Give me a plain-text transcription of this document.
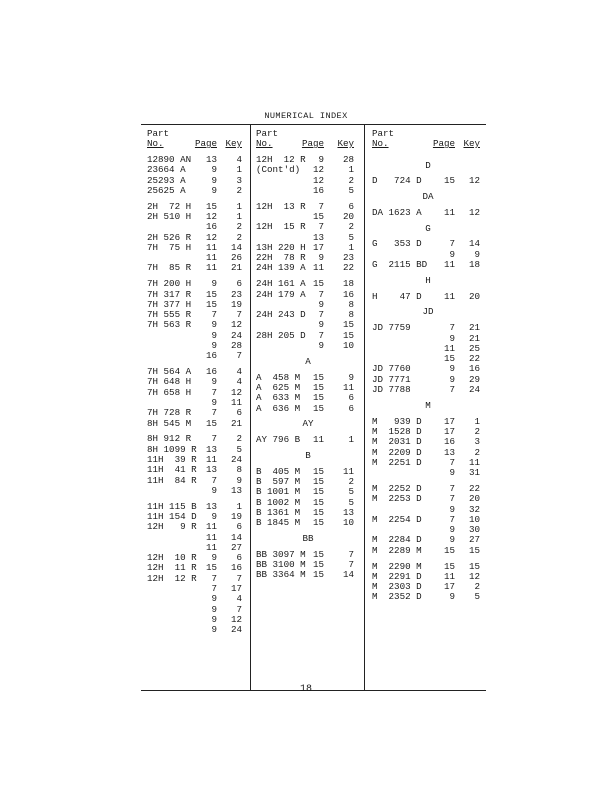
NUMERICAL INDEX
Part
No.	Page Key
12890 AN 13 4
23664 A	9 1
25293 A	9 3
25625 A	9 2
2H  72 H 15 1
2H 510 H 12 1
16 2
2H 526 R 12 2
7H  75 H 11 14
11 26
7H  85 R 11 21
7H 200 H 9 6
7H 317 R 15 23
7H 377 H 15 19
7H 555 R 7 7
7H 563 R 9 12
9 24
9 28
16 7
7H 564 A 16 4
7H 648 H 9 4
7H 658 H 7 12
9 11
7H 728 R 7 6
8H 545 M 15 21
8H 912 R 7 2
8H 1099 R 13 5
11H  39 R 11 24
11H  41 R 13 8
11H  84 R 7 9
9 13
11H 115 B 13 1
11H 154 D 9 19
12H   9 R 11 6
11 14
11 27
12H  10 R 9 6
12H  11 R 15 16
12H  12 R 7 7
7 17
9 4
9 7
9 12
9 24
Part
No.	Page Key
12H  12 R 9 28
(Cont'd) 12	1
12	2
16	5
12H  13 R 7	6
15 20
12H  15 R 7	2
13	5
13H 220 H 17	1
22H  78 R 9 23
24H 139 A 11 22
24H 161 A 15 18
24H 179 A 7 16
9	8
24H 243 D 7	8
9 15
28H 205 D 7 15
9 10
A
A  458 M 15	9
A  625 M 15 11
A  633 M 15	6
A  636 M 15	6
AY
AY 796 B 11	1
B
B  405 M 15 11
B  597 M 15	2
B 1001 M 15	5
B 1002 M 15	5
B 1361 M 15 13
B 1845 M 15 10
BB
BB 3097 M 15	7
BB 3100 M 15	7
BB 3364 M 15 14
Part
No.	Page Key
D
D   724 D 15 12
DA
DA 1623 A 11 12
G
G   353 D	7 14
9 9
G  2115 BD 11 18
H
H    47 D 11 20
JD
JD 7759	7 21
9 21
11 25
15 22
JD 7760	9 16
JD 7771	9 29
JD 7788	7 24
M
M   939 D 17 1
M  1528 D 17 2
M  2031 D 16 3
M  2209 D 13 2
M  2251 D	7 11
9 31
M  2252 D	7 22
M  2253 D	7 20
9 32
M  2254 D	7 10
9 30
M  2284 D	9 27
M  2289 M 15 15
M  2290 M 15 15
M  2291 D 11 12
M  2303 D 17 2
M  2352 D	9 5
18
